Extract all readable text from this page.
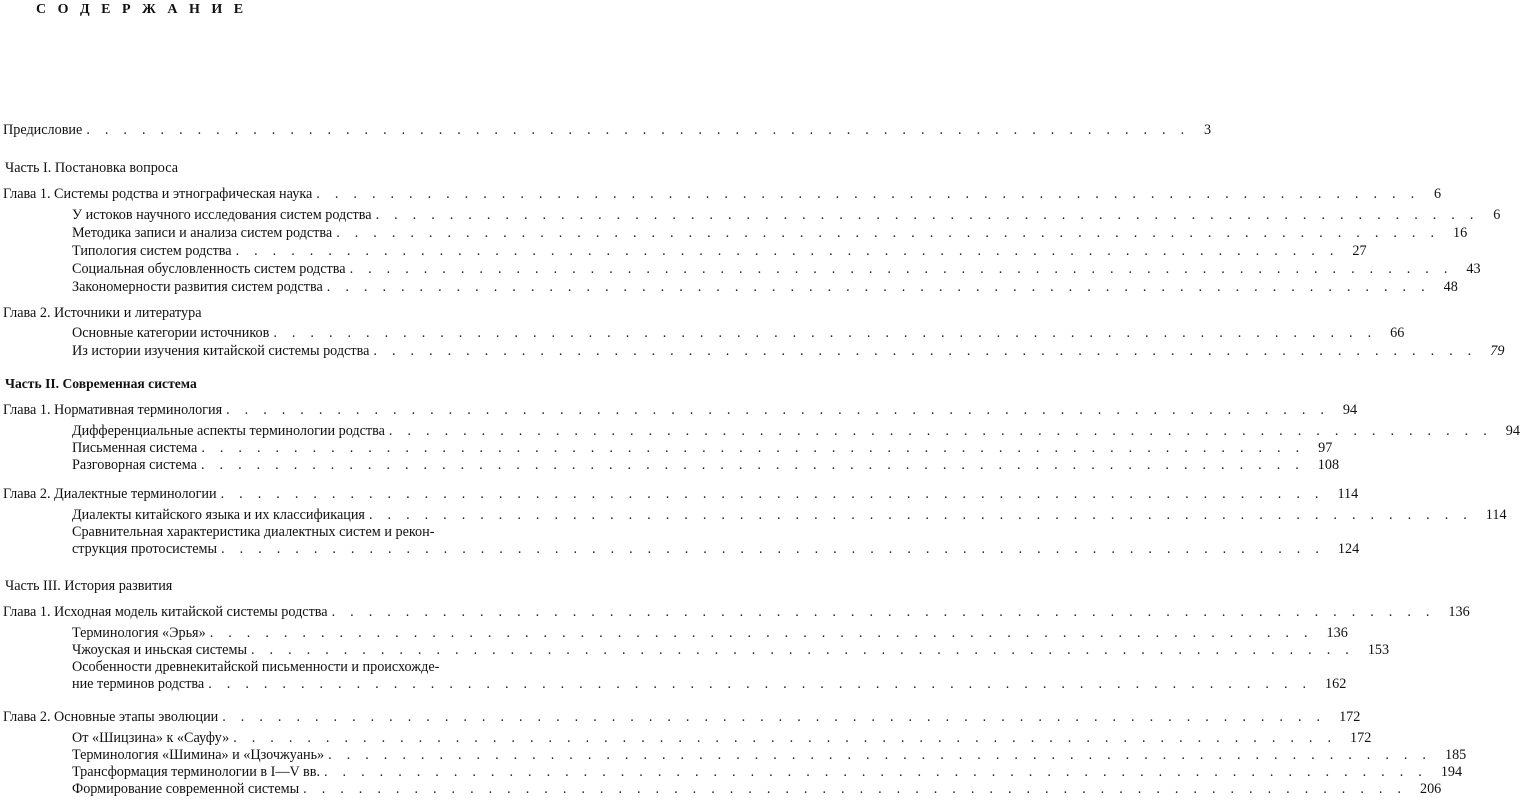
С О Д Е Р Ж А Н И Е
Предисловие ............................................................ 3
Часть I. Постановка вопроса
Глава 1. Системы родства и этнографическая наука ............................................................ 6
У истоков научного исследования систем родства ............................................................ 6
Методика записи и анализа систем родства ............................................................ 16
Типология систем родства ............................................................ 27
Социальная обусловленность систем родства ............................................................ 43
Закономерности развития систем родства ............................................................ 48
Глава 2. Источники и литература
Основные категории источников ............................................................ 66
Из истории изучения китайской системы родства ............................................................ 79
Часть II. Современная система
Глава 1. Нормативная терминология ............................................................ 94
Дифференциальные аспекты терминологии родства ............................................................ 94
Письменная система ............................................................ 97
Разговорная система ............................................................ 108
Глава 2. Диалектные терминологии ............................................................ 114
Диалекты китайского языка и их классификация ............................................................ 114
Сравнительная характеристика диалектных систем и рекон-
струкция протосистемы ............................................................ 124
Часть III. История развития
Глава 1. Исходная модель китайской системы родства ............................................................ 136
Терминология «Эрья» ............................................................ 136
Чжоуская и иньская системы ............................................................ 153
Особенности древнекитайской письменности и происхожде-
ние терминов родства ............................................................ 162
Глава 2. Основные этапы эволюции ............................................................ 172
От «Шицзина» к «Сауфу» ............................................................ 172
Терминология «Шимина» и «Цзочжуань» ............................................................ 185
Трансформация терминологии в I—V вв. ............................................................ 194
Формирование современной системы ............................................................ 206
